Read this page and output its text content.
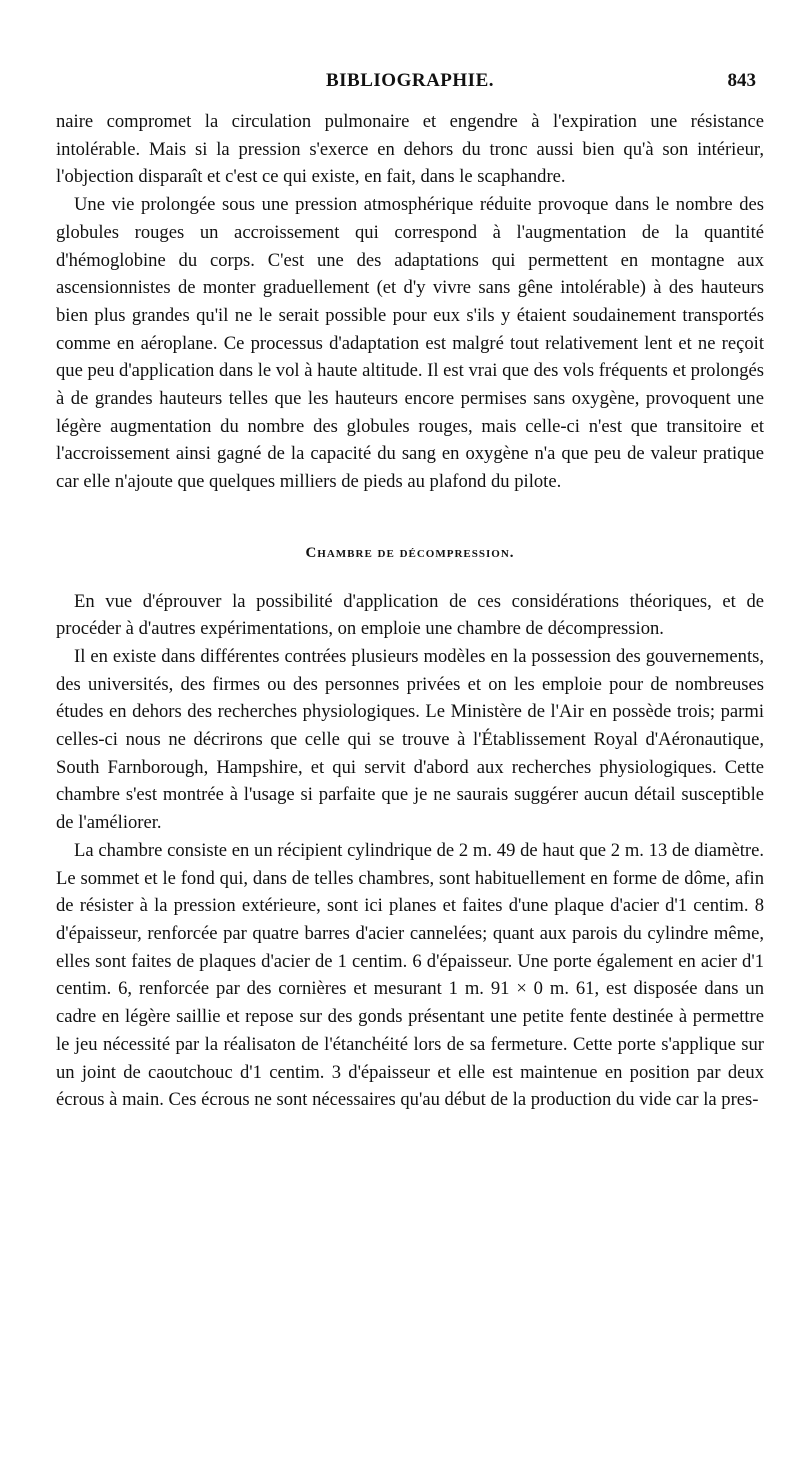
BIBLIOGRAPHIE.	843

naire compromet la circulation pulmonaire et engendre à l'expiration une résistance intolérable. Mais si la pression s'exerce en dehors du tronc aussi bien qu'à son intérieur, l'objection disparaît et c'est ce qui existe, en fait, dans le scaphandre.

Une vie prolongée sous une pression atmosphérique réduite provoque dans le nombre des globules rouges un accroissement qui correspond à l'augmentation de la quantité d'hémoglobine du corps. C'est une des adaptations qui permettent en montagne aux ascensionnistes de monter graduellement (et d'y vivre sans gêne intolérable) à des hauteurs bien plus grandes qu'il ne le serait possible pour eux s'ils y étaient soudainement transportés comme en aéroplane. Ce processus d'adaptation est malgré tout relativement lent et ne reçoit que peu d'application dans le vol à haute altitude. Il est vrai que des vols fréquents et prolongés à de grandes hauteurs telles que les hauteurs encore permises sans oxygène, provoquent une légère augmentation du nombre des globules rouges, mais celle-ci n'est que transitoire et l'accroissement ainsi gagné de la capacité du sang en oxygène n'a que peu de valeur pratique car elle n'ajoute que quelques milliers de pieds au plafond du pilote.

Chambre de décompression.

En vue d'éprouver la possibilité d'application de ces considérations théoriques, et de procéder à d'autres expérimentations, on emploie une chambre de décompression.

Il en existe dans différentes contrées plusieurs modèles en la possession des gouvernements, des universités, des firmes ou des personnes privées et on les emploie pour de nombreuses études en dehors des recherches physiologiques. Le Ministère de l'Air en possède trois; parmi celles-ci nous ne décrirons que celle qui se trouve à l'Établissement Royal d'Aéronautique, South Farnborough, Hampshire, et qui servit d'abord aux recherches physiologiques. Cette chambre s'est montrée à l'usage si parfaite que je ne saurais suggérer aucun détail susceptible de l'améliorer.

La chambre consiste en un récipient cylindrique de 2 m. 49 de haut que 2 m. 13 de diamètre. Le sommet et le fond qui, dans de telles chambres, sont habituellement en forme de dôme, afin de résister à la pression extérieure, sont ici planes et faites d'une plaque d'acier d'1 centim. 8 d'épaisseur, renforcée par quatre barres d'acier cannelées; quant aux parois du cylindre même, elles sont faites de plaques d'acier de 1 centim. 6 d'épaisseur. Une porte également en acier d'1 centim. 6, renforcée par des cornières et mesurant 1 m. 91 × 0 m. 61, est disposée dans un cadre en légère saillie et repose sur des gonds présentant une petite fente destinée à permettre le jeu nécessité par la réalisaton de l'étanchéité lors de sa fermeture. Cette porte s'applique sur un joint de caoutchouc d'1 centim. 3 d'épaisseur et elle est maintenue en position par deux écrous à main. Ces écrous ne sont nécessaires qu'au début de la production du vide car la pres-
